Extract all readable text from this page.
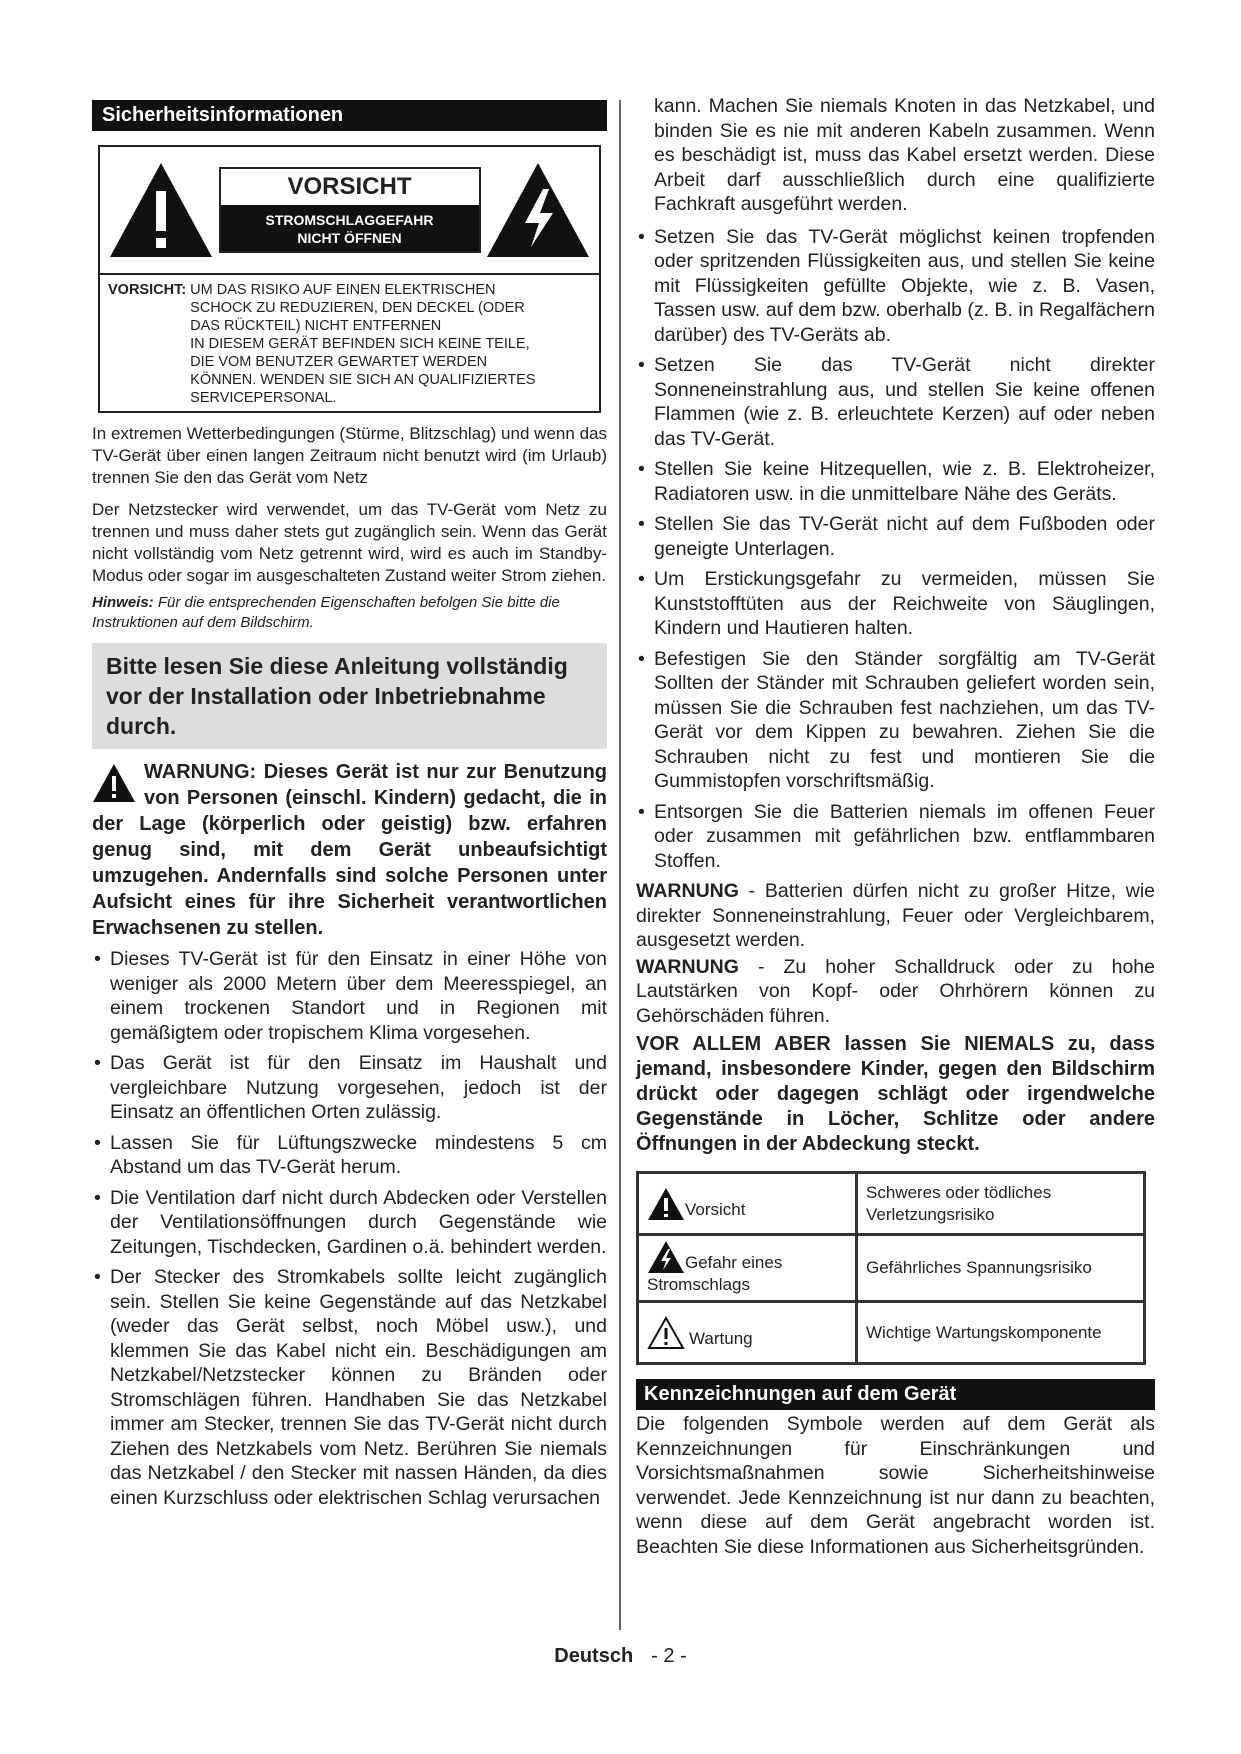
Sicherheitsinformationen
VORSICHT
STROMSCHLAGGEFAHR
NICHT ÖFFNEN
VORSICHT: UM DAS RISIKO AUF EINEN ELEKTRISCHEN
SCHOCK ZU REDUZIEREN, DEN DECKEL (ODER
DAS RÜCKTEIL) NICHT ENTFERNEN
IN DIESEM GERÄT BEFINDEN SICH KEINE TEILE,
DIE VOM BENUTZER GEWARTET WERDEN
KÖNNEN. WENDEN SIE SICH AN QUALIFIZIERTES
SERVICEPERSONAL.

In extremen Wetterbedingungen (Stürme, Blitzschlag) und wenn das TV-Gerät über einen langen Zeitraum nicht benutzt wird (im Urlaub) trennen Sie den das Gerät vom Netz

Der Netzstecker wird verwendet, um das TV-Gerät vom Netz zu trennen und muss daher stets gut zugänglich sein. Wenn das Gerät nicht vollständig vom Netz getrennt wird, wird es auch im Standby-Modus oder sogar im ausgeschalteten Zustand weiter Strom ziehen.

Hinweis: Für die entsprechenden Eigenschaften befolgen Sie bitte die Instruktionen auf dem Bildschirm.
Bitte lesen Sie diese Anleitung vollständig vor der Installation oder Inbetriebnahme durch.
WARNUNG: Dieses Gerät ist nur zur Benutzung von Personen (einschl. Kindern) gedacht, die in der Lage (körperlich oder geistig) bzw. erfahren genug sind, mit dem Gerät unbeaufsichtigt umzugehen. Andernfalls sind solche Personen unter Aufsicht eines für ihre Sicherheit verantwortlichen Erwachsenen zu stellen.
• Dieses TV-Gerät ist für den Einsatz in einer Höhe von weniger als 2000 Metern über dem Meeresspiegel, an einem trockenen Standort und in Regionen mit gemäßigtem oder tropischem Klima vorgesehen.
• Das Gerät ist für den Einsatz im Haushalt und vergleichbare Nutzung vorgesehen, jedoch ist der Einsatz an öffentlichen Orten zulässig.
• Lassen Sie für Lüftungszwecke mindestens 5 cm Abstand um das TV-Gerät herum.
• Die Ventilation darf nicht durch Abdecken oder Verstellen der Ventilationsöffnungen durch Gegenstände wie Zeitungen, Tischdecken, Gardinen o.ä. behindert werden.
• Der Stecker des Stromkabels sollte leicht zugänglich sein. Stellen Sie keine Gegenstände auf das Netzkabel (weder das Gerät selbst, noch Möbel usw.), und klemmen Sie das Kabel nicht ein. Beschädigungen am Netzkabel/Netzstecker können zu Bränden oder Stromschlägen führen. Handhaben Sie das Netzkabel immer am Stecker, trennen Sie das TV-Gerät nicht durch Ziehen des Netzkabels vom Netz. Berühren Sie niemals das Netzkabel / den Stecker mit nassen Händen, da dies einen Kurzschluss oder elektrischen Schlag verursachen

kann. Machen Sie niemals Knoten in das Netzkabel, und binden Sie es nie mit anderen Kabeln zusammen. Wenn es beschädigt ist, muss das Kabel ersetzt werden. Diese Arbeit darf ausschließlich durch eine qualifizierte Fachkraft ausgeführt werden.

• Setzen Sie das TV-Gerät möglichst keinen tropfenden oder spritzenden Flüssigkeiten aus, und stellen Sie keine mit Flüssigkeiten gefüllte Objekte, wie z. B. Vasen, Tassen usw. auf dem bzw. oberhalb (z. B. in Regalfächern darüber) des TV-Geräts ab.
• Setzen Sie das TV-Gerät nicht direkter Sonneneinstrahlung aus, und stellen Sie keine offenen Flammen (wie z. B. erleuchtete Kerzen) auf oder neben das TV-Gerät.
• Stellen Sie keine Hitzequellen, wie z. B. Elektroheizer, Radiatoren usw. in die unmittelbare Nähe des Geräts.
• Stellen Sie das TV-Gerät nicht auf dem Fußboden oder geneigte Unterlagen.
• Um Erstickungsgefahr zu vermeiden, müssen Sie Kunststofftüten aus der Reichweite von Säuglingen, Kindern und Hautieren halten.
• Befestigen Sie den Ständer sorgfältig am TV-Gerät Sollten der Ständer mit Schrauben geliefert worden sein, müssen Sie die Schrauben fest nachziehen, um das TV-Gerät vor dem Kippen zu bewahren. Ziehen Sie die Schrauben nicht zu fest und montieren Sie die Gummistopfen vorschriftsmäßig.
• Entsorgen Sie die Batterien niemals im offenen Feuer oder zusammen mit gefährlichen bzw. entflammbaren Stoffen.

WARNUNG - Batterien dürfen nicht zu großer Hitze, wie direkter Sonneneinstrahlung, Feuer oder Vergleichbarem, ausgesetzt werden.

WARNUNG - Zu hoher Schalldruck oder zu hohe Lautstärken von Kopf- oder Ohrhörern können zu Gehörschäden führen.

VOR ALLEM ABER lassen Sie NIEMALS zu, dass jemand, insbesondere Kinder, gegen den Bildschirm drückt oder dagegen schlägt oder irgendwelche Gegenstände in Löcher, Schlitze oder andere Öffnungen in der Abdeckung steckt.
Vorsicht	Schweres oder tödliches Verletzungsrisiko

Gefahr eines Stromschlags	Gefährliches Spannungsrisiko

Wartung	Wichtige Wartungskomponente
Kennzeichnungen auf dem Gerät

Die folgenden Symbole werden auf dem Gerät als Kennzeichnungen für Einschränkungen und Vorsichtsmaßnahmen sowie Sicherheitshinweise verwendet. Jede Kennzeichnung ist nur dann zu beachten, wenn diese auf dem Gerät angebracht worden ist. Beachten Sie diese Informationen aus Sicherheitsgründen.

Deutsch - 2 -
